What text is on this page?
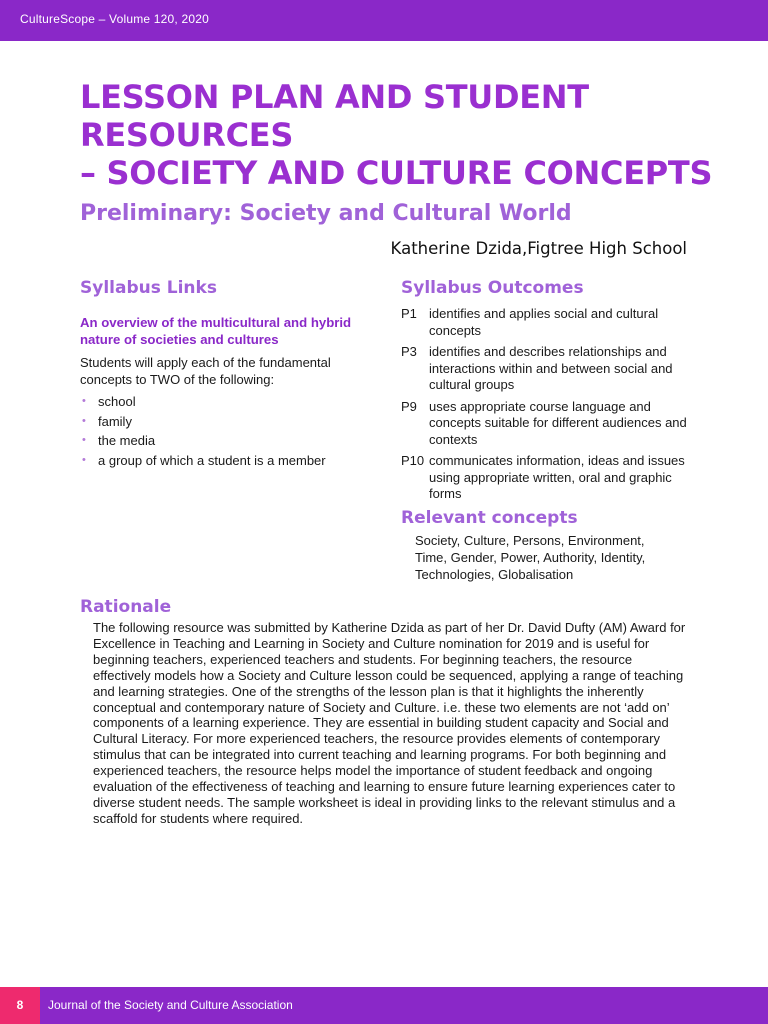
CultureScope – Volume 120, 2020
LESSON PLAN AND STUDENT RESOURCES
– SOCIETY AND CULTURE CONCEPTS
Preliminary: Society and Cultural World
Katherine Dzida,Figtree High School
Syllabus Links

An overview of the multicultural and hybrid nature of societies and cultures

Students will apply each of the fundamental concepts to TWO of the following:

• school
• family
• the media
• a group of which a student is a member
Syllabus Outcomes
P1 identifies and applies social and cultural concepts
P3 identifies and describes relationships and interactions within and between social and cultural groups
P9 uses appropriate course language and concepts suitable for different audiences and contexts
P10 communicates information, ideas and issues using appropriate written, oral and graphic forms
Relevant concepts

Society, Culture, Persons, Environment, Time, Gender, Power, Authority, Identity, Technologies, Globalisation

Rationale

The following resource was submitted by Katherine Dzida as part of her Dr. David Dufty (AM) Award for Excellence in Teaching and Learning in Society and Culture nomination for 2019 and is useful for beginning teachers, experienced teachers and students. For beginning teachers, the resource effectively models how a Society and Culture lesson could be sequenced, applying a range of teaching and learning strategies. One of the strengths of the lesson plan is that it highlights the inherently conceptual and contemporary nature of Society and Culture. i.e. these two elements are not ‘add on’ components of a learning experience. They are essential in building student capacity and Social and Cultural Literacy. For more experienced teachers, the resource provides elements of contemporary stimulus that can be integrated into current teaching and learning programs. For both beginning and experienced teachers, the resource helps model the importance of student feedback and ongoing evaluation of the effectiveness of teaching and learning to ensure future learning experiences cater to diverse student needs. The sample worksheet is ideal in providing links to the relevant stimulus and a scaffold for students where required.

8	Journal of the Society and Culture Association
